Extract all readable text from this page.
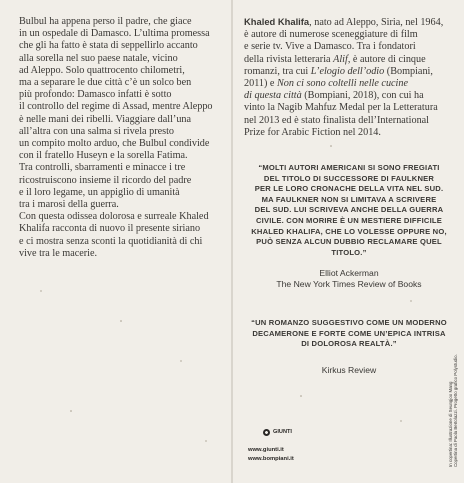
Bulbul ha appena perso il padre, che giace

in un ospedale di Damasco. L’ultima promessa

che gli ha fatto è stata di seppellirlo accanto

alla sorella nel suo paese natale, vicino

ad Aleppo. Solo quattrocento chilometri,

ma a separare le due città c’è un solco ben

più profondo: Damasco infatti è sotto

il controllo del regime di Assad, mentre Aleppo

è nelle mani dei ribelli. Viaggiare dall’una

all’altra con una salma si rivela presto

un compito molto arduo, che Bulbul condivide

con il fratello Huseyn e la sorella Fatima.

Tra controlli, sbarramenti e minacce i tre

ricostruiscono insieme il ricordo del padre

e il loro legame, un appiglio di umanità

tra i marosi della guerra.

Con questa odissea dolorosa e surreale Khaled

Khalifa racconta di nuovo il presente siriano

e ci mostra senza sconti la quotidianità di chi

vive tra le macerie.

Khaled Khalifa, nato ad Aleppo, Siria, nel 1964,

è autore di numerose sceneggiature di film

e serie tv. Vive a Damasco. Tra i fondatori

della rivista letteraria Alif, è autore di cinque

romanzi, tra cui L’elogio dell’odio (Bompiani,

2011) e Non ci sono coltelli nelle cucine

di questa città (Bompiani, 2018), con cui ha

vinto la Nagib Mahfuz Medal per la Letteratura

nel 2013 ed è stato finalista dell’International

Prize for Arabic Fiction nel 2014.

“MOLTI AUTORI AMERICANI SI SONO FREGIATI
DEL TITOLO DI SUCCESSORE DI FAULKNER
PER LE LORO CRONACHE DELLA VITA NEL SUD.
MA FAULKNER NON SI LIMITAVA A SCRIVERE
DEL SUD. LUI SCRIVEVA ANCHE DELLA GUERRA
CIVILE. CON MORIRE È UN MESTIERE DIFFICILE
KHALED KHALIFA, CHE LO VOLESSE OPPURE NO,
PUÒ SENZA ALCUN DUBBIO RECLAMARE QUEL TITOLO.”
Elliot Ackerman
The New York Times Review of Books
“UN ROMANZO SUGGESTIVO COME UN MODERNO
DECAMERONE E FORTE COME UN’EPICA INTRISA
DI DOLOROSA REALTÀ.”
Kirkus Review
GIUNTI
www.giunti.it
www.bompiani.it	In copertina: Illustrazione di Seungjoo Mang Copertina di Paola Bertolazzi. Progetto grafico Polystudio.
